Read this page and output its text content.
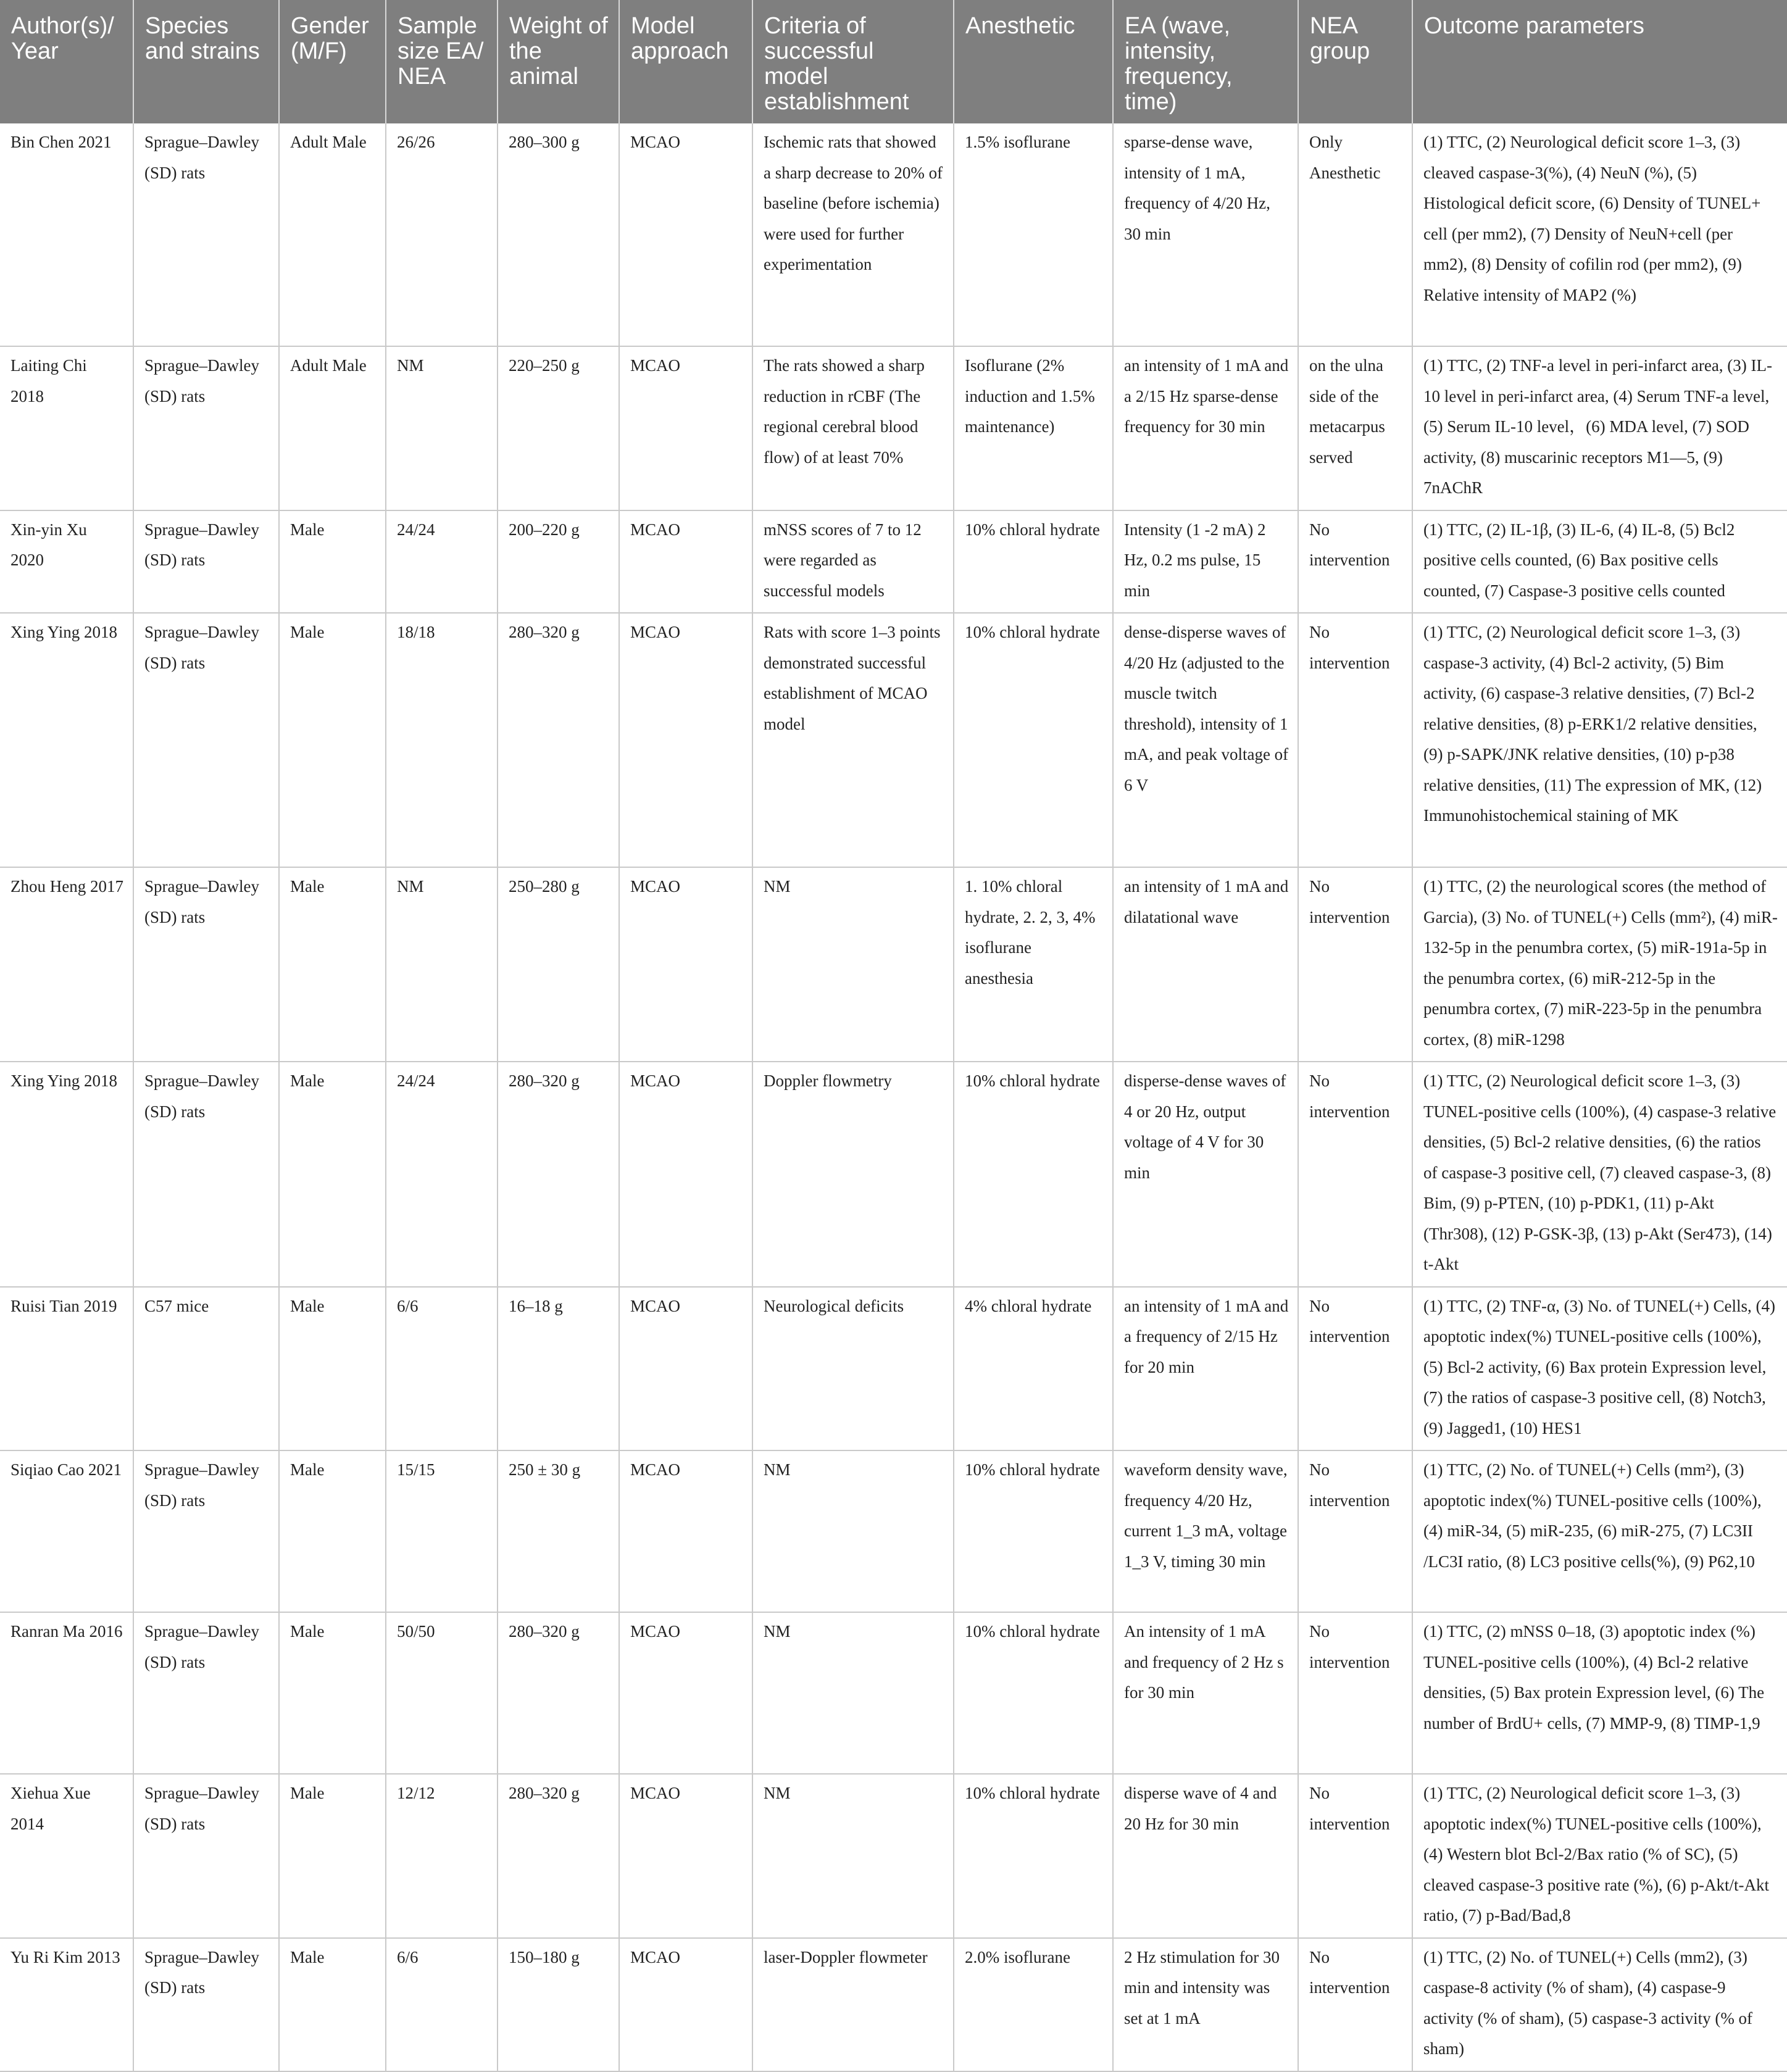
Author(s)/ Year	Species and strains	Gender (M/F)	Sample size EA/ NEA	Weight of the animal	Model approach	Criteria of successful model establishment	Anesthetic	EA (wave, intensity, frequency, time)	NEA group	Outcome parameters
Bin Chen 2021	Sprague–Dawley (SD) rats	Adult Male	26/26	280–300 g	MCAO	Ischemic rats that showed a sharp decrease to 20% of baseline (before ischemia) were used for further experimentation	1.5% isoflurane	sparse-dense wave, intensity of 1 mA, frequency of 4/20 Hz, 30 min	Only Anesthetic	(1) TTC, (2) Neurological deficit score 1–3, (3) cleaved caspase-3(%), (4) NeuN (%), (5) Histological deficit score, (6) Density of TUNEL+ cell (per mm2), (7) Density of NeuN+cell (per mm2), (8) Density of cofilin rod (per mm2), (9) Relative intensity of MAP2 (%)
Laiting Chi 2018	Sprague–Dawley (SD) rats	Adult Male	NM	220–250 g	MCAO	The rats showed a sharp reduction in rCBF (The regional cerebral blood flow) of at least 70%	Isoflurane (2% induction and 1.5% maintenance)	an intensity of 1 mA and a 2/15 Hz sparse-dense frequency for 30 min	on the ulna side of the metacarpus served	(1) TTC, (2) TNF-a level in peri-infarct area, (3) IL-10 level in peri-infarct area, (4) Serum TNF-a level, (5) Serum IL-10 level，(6) MDA level, (7) SOD activity, (8) muscarinic receptors M1—5, (9) 7nAChR
Xin-yin Xu 2020	Sprague–Dawley (SD) rats	Male	24/24	200–220 g	MCAO	mNSS scores of 7 to 12 were regarded as successful models	10% chloral hydrate	Intensity (1 -2 mA) 2 Hz, 0.2 ms pulse, 15 min	No intervention	(1) TTC, (2) IL-1β, (3) IL-6, (4) IL-8, (5) Bcl2 positive cells counted, (6) Bax positive cells counted, (7) Caspase-3 positive cells counted
Xing Ying 2018	Sprague–Dawley (SD) rats	Male	18/18	280–320 g	MCAO	Rats with score 1–3 points demonstrated successful establishment of MCAO model	10% chloral hydrate	dense-disperse waves of 4/20 Hz (adjusted to the muscle twitch threshold), intensity of 1 mA, and peak voltage of 6 V	No intervention	(1) TTC, (2) Neurological deficit score 1–3, (3) caspase-3 activity, (4) Bcl-2 activity, (5) Bim activity, (6) caspase-3 relative densities, (7) Bcl-2 relative densities, (8) p-ERK1/2 relative densities, (9) p-SAPK/JNK relative densities, (10) p-p38 relative densities, (11) The expression of MK, (12) Immunohistochemical staining of MK
Zhou Heng 2017	Sprague–Dawley (SD) rats	Male	NM	250–280 g	MCAO	NM	1. 10% chloral hydrate, 2. 2, 3, 4% isoflurane anesthesia	an intensity of 1 mA and dilatational wave	No intervention	(1) TTC, (2) the neurological scores (the method of Garcia), (3) No. of TUNEL(+) Cells (mm²), (4) miR-132-5p in the penumbra cortex, (5) miR-191a-5p in the penumbra cortex, (6) miR-212-5p in the penumbra cortex, (7) miR-223-5p in the penumbra cortex, (8) miR-1298
Xing Ying 2018	Sprague–Dawley (SD) rats	Male	24/24	280–320 g	MCAO	Doppler flowmetry	10% chloral hydrate	disperse-dense waves of 4 or 20 Hz, output voltage of 4 V for 30 min	No intervention	(1) TTC, (2) Neurological deficit score 1–3, (3) TUNEL-positive cells (100%), (4) caspase-3 relative densities, (5) Bcl-2 relative densities, (6) the ratios of caspase-3 positive cell, (7) cleaved caspase-3, (8) Bim, (9) p-PTEN, (10) p-PDK1, (11) p-Akt (Thr308), (12) P-GSK-3β, (13) p-Akt (Ser473), (14) t-Akt
Ruisi Tian 2019	C57 mice	Male	6/6	16–18 g	MCAO	Neurological deficits	4% chloral hydrate	an intensity of 1 mA and a frequency of 2/15 Hz for 20 min	No intervention	(1) TTC, (2) TNF-α, (3) No. of TUNEL(+) Cells, (4) apoptotic index(%) TUNEL-positive cells (100%), (5) Bcl-2 activity, (6) Bax protein Expression level, (7) the ratios of caspase-3 positive cell, (8) Notch3, (9) Jagged1, (10) HES1
Siqiao Cao 2021	Sprague–Dawley (SD) rats	Male	15/15	250 ± 30 g	MCAO	NM	10% chloral hydrate	waveform density wave, frequency 4/20 Hz, current 1_3 mA, voltage 1_3 V, timing 30 min	No intervention	(1) TTC, (2) No. of TUNEL(+) Cells (mm²), (3) apoptotic index(%) TUNEL-positive cells (100%), (4) miR-34, (5) miR-235, (6) miR-275, (7) LC3II /LC3I ratio, (8) LC3 positive cells(%), (9) P62,10
Ranran Ma 2016	Sprague–Dawley (SD) rats	Male	50/50	280–320 g	MCAO	NM	10% chloral hydrate	An intensity of 1 mA and frequency of 2 Hz s for 30 min	No intervention	(1) TTC, (2) mNSS 0–18, (3) apoptotic index (%) TUNEL-positive cells (100%), (4) Bcl-2 relative densities, (5) Bax protein Expression level, (6) The number of BrdU+ cells, (7) MMP-9, (8) TIMP-1,9
Xiehua Xue 2014	Sprague–Dawley (SD) rats	Male	12/12	280–320 g	MCAO	NM	10% chloral hydrate	disperse wave of 4 and 20 Hz for 30 min	No intervention	(1) TTC, (2) Neurological deficit score 1–3, (3) apoptotic index(%) TUNEL-positive cells (100%), (4) Western blot Bcl-2/Bax ratio (% of SC), (5) cleaved caspase-3 positive rate (%), (6) p-Akt/t-Akt ratio, (7) p-Bad/Bad,8
Yu Ri Kim 2013	Sprague–Dawley (SD) rats	Male	6/6	150–180 g	MCAO	laser-Doppler flowmeter	2.0% isoflurane	2 Hz stimulation for 30 min and intensity was set at 1 mA	No intervention	(1) TTC, (2) No. of TUNEL(+) Cells (mm2), (3) caspase-8 activity (% of sham), (4) caspase-9 activity (% of sham), (5) caspase-3 activity (% of sham)
